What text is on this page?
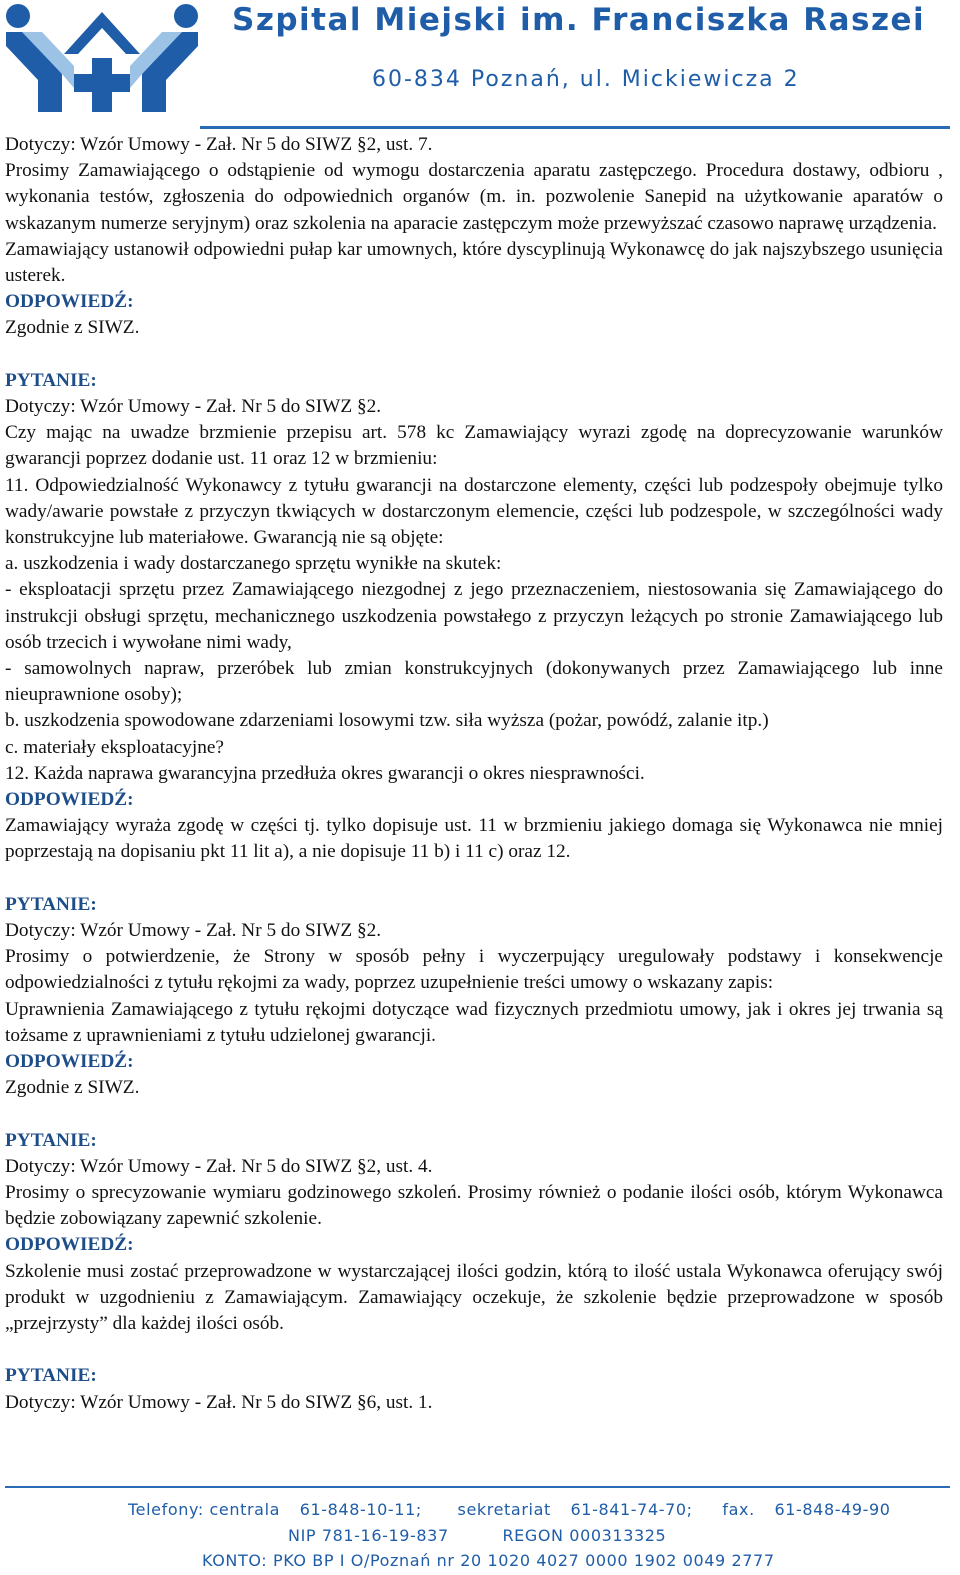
Szpital Miejski im. Franciszka Raszei
60-834 Poznań, ul. Mickiewicza 2

Dotyczy: Wzór Umowy - Zał. Nr 5 do SIWZ §2, ust. 7.

Prosimy Zamawiającego o odstąpienie od wymogu dostarczenia aparatu zastępczego. Procedura dostawy, odbioru , wykonania testów, zgłoszenia do odpowiednich organów (m. in. pozwolenie Sanepid na użytkowanie aparatów o wskazanym numerze seryjnym) oraz szkolenia na aparacie zastępczym może przewyższać czasowo naprawę urządzenia.

Zamawiający ustanowił odpowiedni pułap kar umownych, które dyscyplinują Wykonawcę do jak najszybszego usunięcia usterek.

ODPOWIEDŹ:

Zgodnie z SIWZ.

PYTANIE:

Dotyczy: Wzór Umowy - Zał. Nr 5 do SIWZ §2.

Czy mając na uwadze brzmienie przepisu art. 578 kc Zamawiający wyrazi zgodę na doprecyzowanie warunków gwarancji poprzez dodanie ust. 11 oraz 12 w brzmieniu:

11. Odpowiedzialność Wykonawcy z tytułu gwarancji na dostarczone elementy, części lub podzespoły obejmuje tylko wady/awarie powstałe z przyczyn tkwiących w dostarczonym elemencie, części lub podzespole, w szczególności wady konstrukcyjne lub materiałowe. Gwarancją nie są objęte:

a. uszkodzenia i wady dostarczanego sprzętu wynikłe na skutek:

- eksploatacji sprzętu przez Zamawiającego niezgodnej z jego przeznaczeniem, niestosowania się Zamawiającego do instrukcji obsługi sprzętu, mechanicznego uszkodzenia powstałego z przyczyn leżących po stronie Zamawiającego lub osób trzecich i wywołane nimi wady,

- samowolnych napraw, przeróbek lub zmian konstrukcyjnych (dokonywanych przez Zamawiającego lub inne nieuprawnione osoby);

b. uszkodzenia spowodowane zdarzeniami losowymi tzw. siła wyższa (pożar, powódź, zalanie itp.)

c. materiały eksploatacyjne?

12. Każda naprawa gwarancyjna przedłuża okres gwarancji o okres niesprawności.

ODPOWIEDŹ:

Zamawiający wyraża zgodę w części tj. tylko dopisuje ust. 11 w brzmieniu jakiego domaga się Wykonawca nie mniej poprzestają na dopisaniu pkt 11 lit a), a nie dopisuje 11 b) i 11 c) oraz 12.

PYTANIE:

Dotyczy: Wzór Umowy - Zał. Nr 5 do SIWZ §2.

Prosimy o potwierdzenie, że Strony w sposób pełny i wyczerpujący uregulowały podstawy i konsekwencje odpowiedzialności z tytułu rękojmi za wady, poprzez uzupełnienie treści umowy o wskazany zapis:

Uprawnienia Zamawiającego z tytułu rękojmi dotyczące wad fizycznych przedmiotu umowy, jak i okres jej trwania są tożsame z uprawnieniami z tytułu udzielonej gwarancji.

ODPOWIEDŹ:

Zgodnie z SIWZ.

PYTANIE:

Dotyczy: Wzór Umowy - Zał. Nr 5 do SIWZ §2, ust. 4.

Prosimy o sprecyzowanie wymiaru godzinowego szkoleń. Prosimy również o podanie ilości osób, którym Wykonawca będzie zobowiązany zapewnić szkolenie.

ODPOWIEDŹ:

Szkolenie musi zostać przeprowadzone w wystarczającej ilości godzin, którą to ilość ustala Wykonawca oferujący swój produkt w uzgodnieniu z Zamawiającym. Zamawiający oczekuje, że szkolenie będzie przeprowadzone w sposób „przejrzysty” dla każdej ilości osób.

PYTANIE:

Dotyczy: Wzór Umowy - Zał. Nr 5 do SIWZ §6, ust. 1.

Telefony: centrala 61-848-10-11; sekretariat 61-841-74-70; fax. 61-848-49-90
NIP 781-16-19-837	REGON 000313325
KONTO: PKO BP I O/Poznań nr 20 1020 4027 0000 1902 0049 2777
